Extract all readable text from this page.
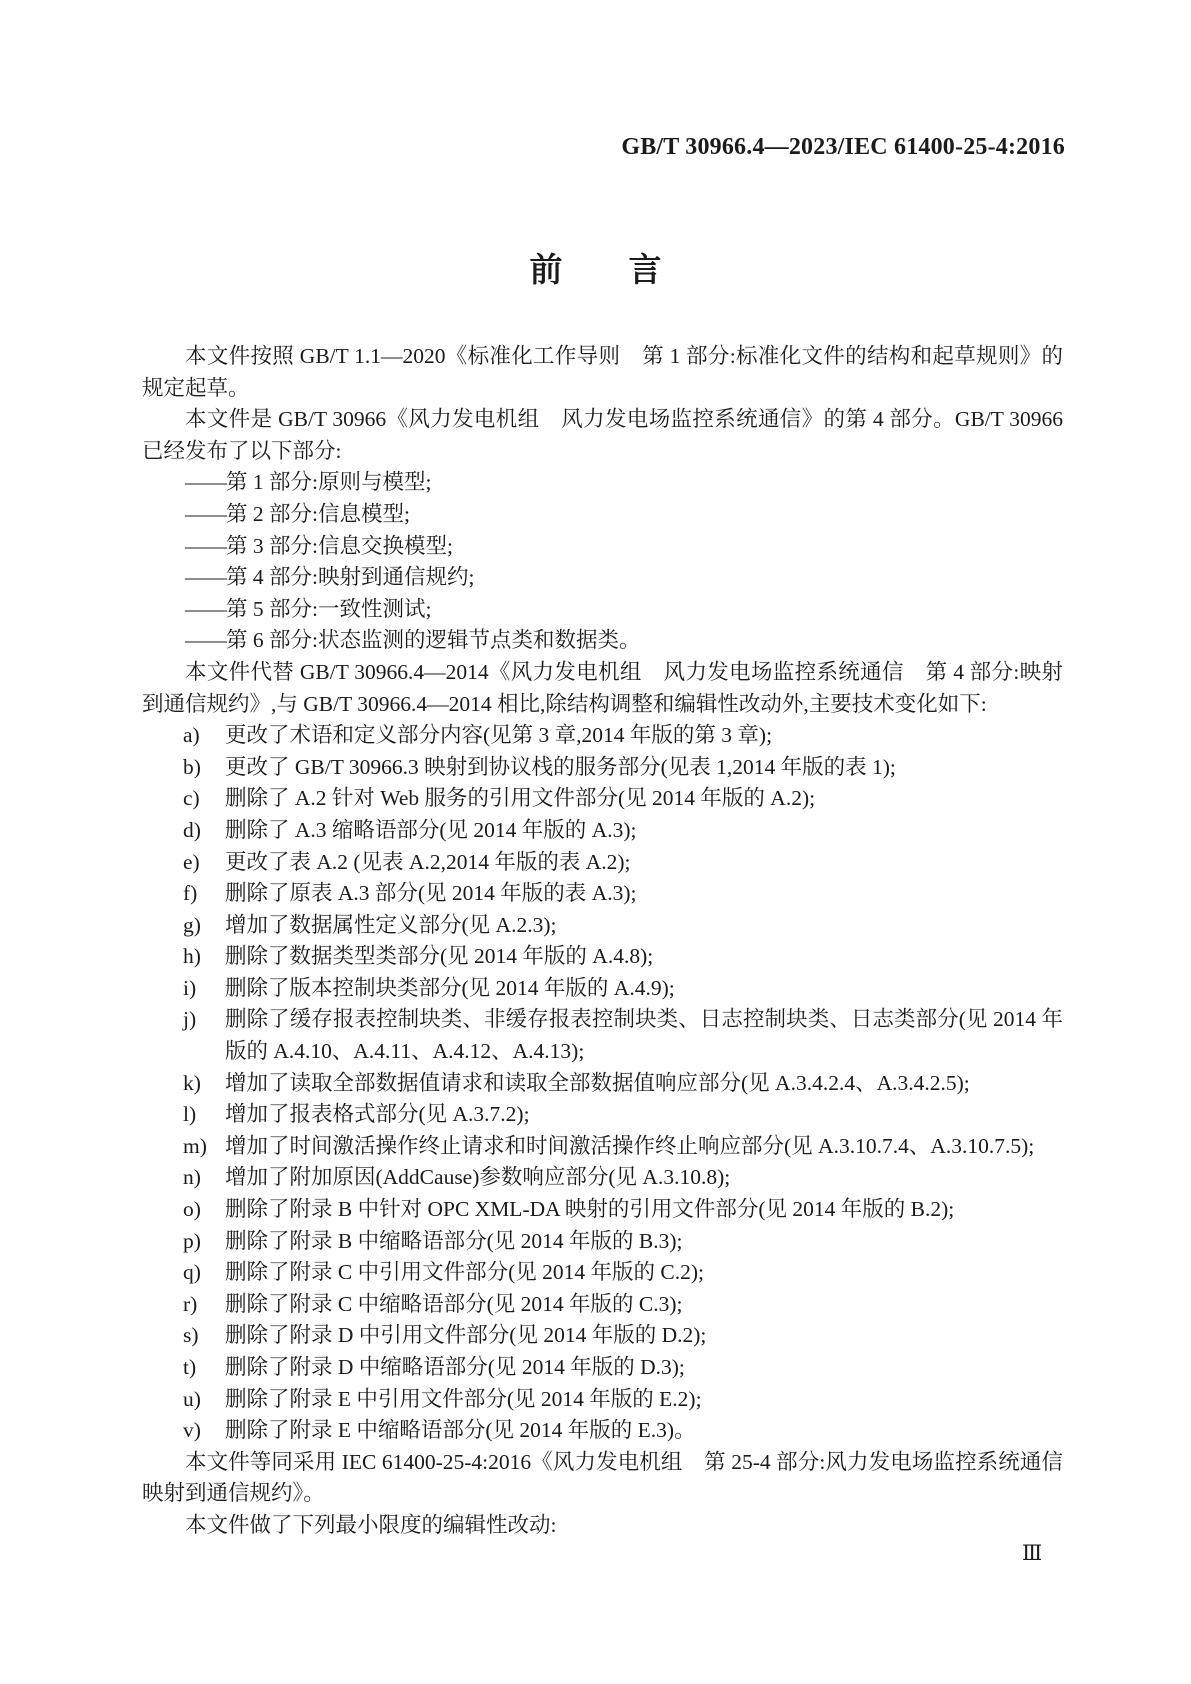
GB/T 30966.4—2023/IEC 61400-25-4:2016
前言
本文件按照 GB/T 1.1—2020《标准化工作导则　第 1 部分:标准化文件的结构和起草规则》的规定起草。
本文件是 GB/T 30966《风力发电机组　风力发电场监控系统通信》的第 4 部分。GB/T 30966 已经发布了以下部分:
——第 1 部分:原则与模型;
——第 2 部分:信息模型;
——第 3 部分:信息交换模型;
——第 4 部分:映射到通信规约;
——第 5 部分:一致性测试;
——第 6 部分:状态监测的逻辑节点类和数据类。
本文件代替 GB/T 30966.4—2014《风力发电机组　风力发电场监控系统通信　第 4 部分:映射到通信规约》,与 GB/T 30966.4—2014 相比,除结构调整和编辑性改动外,主要技术变化如下:
a) 更改了术语和定义部分内容(见第 3 章,2014 年版的第 3 章);
b) 更改了 GB/T 30966.3 映射到协议栈的服务部分(见表 1,2014 年版的表 1);
c) 删除了 A.2 针对 Web 服务的引用文件部分(见 2014 年版的 A.2);
d) 删除了 A.3 缩略语部分(见 2014 年版的 A.3);
e) 更改了表 A.2 (见表 A.2,2014 年版的表 A.2);
f) 删除了原表 A.3 部分(见 2014 年版的表 A.3);
g) 增加了数据属性定义部分(见 A.2.3);
h) 删除了数据类型类部分(见 2014 年版的 A.4.8);
i) 删除了版本控制块类部分(见 2014 年版的 A.4.9);
j) 删除了缓存报表控制块类、非缓存报表控制块类、日志控制块类、日志类部分(见 2014 年版的 A.4.10、A.4.11、A.4.12、A.4.13);
k) 增加了读取全部数据值请求和读取全部数据值响应部分(见 A.3.4.2.4、A.3.4.2.5);
l) 增加了报表格式部分(见 A.3.7.2);
m) 增加了时间激活操作终止请求和时间激活操作终止响应部分(见 A.3.10.7.4、A.3.10.7.5);
n) 增加了附加原因(AddCause)参数响应部分(见 A.3.10.8);
o) 删除了附录 B 中针对 OPC XML-DA 映射的引用文件部分(见 2014 年版的 B.2);
p) 删除了附录 B 中缩略语部分(见 2014 年版的 B.3);
q) 删除了附录 C 中引用文件部分(见 2014 年版的 C.2);
r) 删除了附录 C 中缩略语部分(见 2014 年版的 C.3);
s) 删除了附录 D 中引用文件部分(见 2014 年版的 D.2);
t) 删除了附录 D 中缩略语部分(见 2014 年版的 D.3);
u) 删除了附录 E 中引用文件部分(见 2014 年版的 E.2);
v) 删除了附录 E 中缩略语部分(见 2014 年版的 E.3)。
本文件等同采用 IEC 61400-25-4:2016《风力发电机组　第 25-4 部分:风力发电场监控系统通信　映射到通信规约》。
本文件做了下列最小限度的编辑性改动:
Ⅲ
